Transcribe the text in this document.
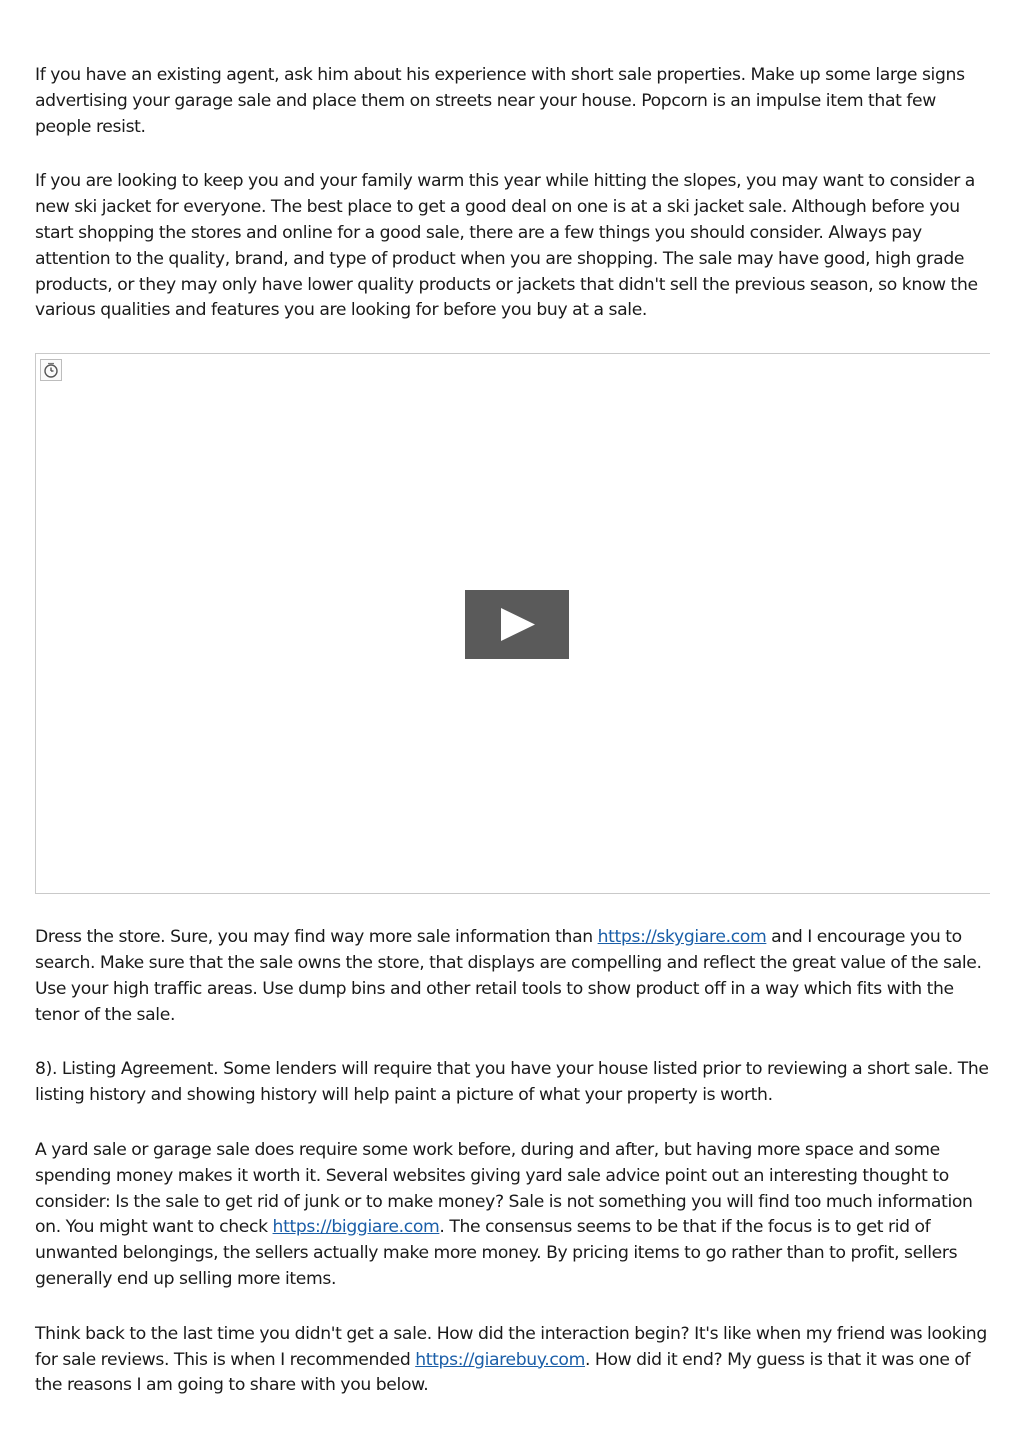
If you have an existing agent, ask him about his experience with short sale properties. Make up some large signs advertising your garage sale and place them on streets near your house. Popcorn is an impulse item that few people resist.

If you are looking to keep you and your family warm this year while hitting the slopes, you may want to consider a new ski jacket for everyone. The best place to get a good deal on one is at a ski jacket sale. Although before you start shopping the stores and online for a good sale, there are a few things you should consider. Always pay attention to the quality, brand, and type of product when you are shopping. The sale may have good, high grade products, or they may only have lower quality products or jackets that didn't sell the previous season, so know the various qualities and features you are looking for before you buy at a sale.

Dress the store. Sure, you may find way more sale information than https://skygiare.com and I encourage you to search. Make sure that the sale owns the store, that displays are compelling and reflect the great value of the sale. Use your high traffic areas. Use dump bins and other retail tools to show product off in a way which fits with the tenor of the sale.

8). Listing Agreement. Some lenders will require that you have your house listed prior to reviewing a short sale. The listing history and showing history will help paint a picture of what your property is worth.

A yard sale or garage sale does require some work before, during and after, but having more space and some spending money makes it worth it. Several websites giving yard sale advice point out an interesting thought to consider: Is the sale to get rid of junk or to make money? Sale is not something you will find too much information on. You might want to check https://biggiare.com. The consensus seems to be that if the focus is to get rid of unwanted belongings, the sellers actually make more money. By pricing items to go rather than to profit, sellers generally end up selling more items.

Think back to the last time you didn't get a sale. How did the interaction begin? It's like when my friend was looking for sale reviews. This is when I recommended https://giarebuy.com. How did it end? My guess is that it was one of the reasons I am going to share with you below.
